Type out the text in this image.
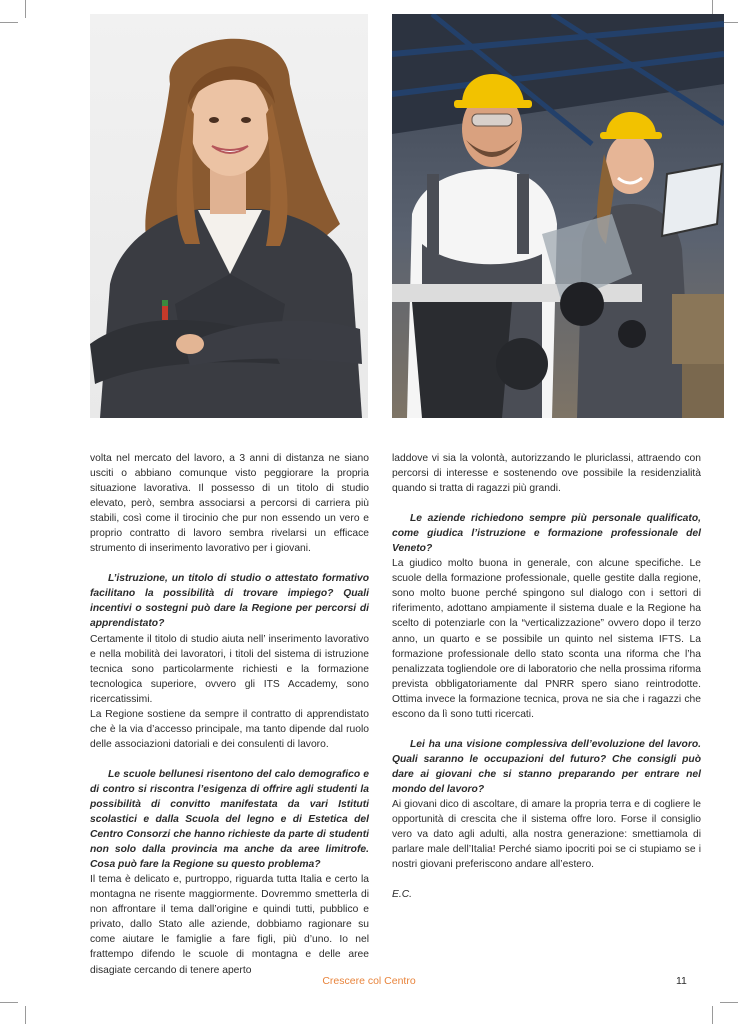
volta nel mercato del lavoro, a 3 anni di distanza ne siano usciti o abbiano comunque visto peggiorare la propria situazione lavorativa. Il possesso di un titolo di studio elevato, però, sembra associarsi a percorsi di carriera più stabili, così come il tirocinio che pur non essendo un vero e proprio contratto di lavoro sembra rivelarsi un efficace strumento di inserimento lavorativo per i giovani.

L’istruzione, un titolo di studio o attestato formativo facilitano la possibilità di trovare impiego? Quali incentivi o sostegni può dare la Regione per percorsi di apprendistato?

Certamente il titolo di studio aiuta nell’ inserimento lavorativo e nella mobilità dei lavoratori, i titoli del sistema di istruzione tecnica sono particolarmente richiesti e la formazione tecnologica superiore, ovvero gli ITS Accademy, sono ricercatissimi.

La Regione sostiene da sempre il contratto di apprendistato che è la via d’accesso principale, ma tanto dipende dal ruolo delle associazioni datoriali e dei consulenti di lavoro.

Le scuole bellunesi risentono del calo demografico e di contro si riscontra l’esigenza di offrire agli studenti la possibilità di convitto manifestata da vari Istituti scolastici e dalla Scuola del legno e di Estetica del Centro Consorzi che hanno richieste da parte di studenti non solo dalla provincia ma anche da aree limitrofe. Cosa può fare la Regione su questo problema?

Il tema è delicato e, purtroppo, riguarda tutta Italia e certo la montagna ne risente maggiormente. Dovremmo smetterla di non affrontare il tema dall’origine e quindi tutti, pubblico e privato, dallo Stato alle aziende, dobbiamo ragionare su come aiutare le famiglie a fare figli, più d’uno. Io nel frattempo difendo le scuole di montagna e delle aree disagiate cercando di tenere aperto

laddove vi sia la volontà, autorizzando le pluriclassi, attraendo con percorsi di interesse e sostenendo ove possibile la residenzialità quando si tratta di ragazzi più grandi.

Le aziende richiedono sempre più personale qualificato, come giudica l’istruzione e formazione professionale del Veneto?

La giudico molto buona in generale, con alcune specifiche. Le scuole della formazione professionale, quelle gestite dalla regione, sono molto buone perché spingono sul dialogo con i settori di riferimento, adottano ampiamente il sistema duale e la Regione ha scelto di potenziarle con la “verticalizzazione” ovvero dopo il terzo anno, un quarto e se possibile un quinto nel sistema IFTS. La formazione professionale dello stato sconta una riforma che l’ha penalizzata togliendole ore di laboratorio che nella prossima riforma prevista obbligatoriamente dal PNRR spero siano reintrodotte. Ottima invece la formazione tecnica, prova ne sia che i ragazzi che escono da lì sono tutti ricercati.

Lei ha una visione complessiva dell’evoluzione del lavoro. Quali saranno le occupazioni del futuro? Che consigli può dare ai giovani che si stanno preparando per entrare nel mondo del lavoro?

Ai giovani dico di ascoltare, di amare la propria terra e di cogliere le opportunità di crescita che il sistema offre loro. Forse il consiglio vero va dato agli adulti, alla nostra generazione: smettiamola di parlare male dell’Italia! Perché siamo ipocriti poi se ci stupiamo se i nostri giovani preferiscono andare all’estero.

E.C.

Crescere col Centro	11
